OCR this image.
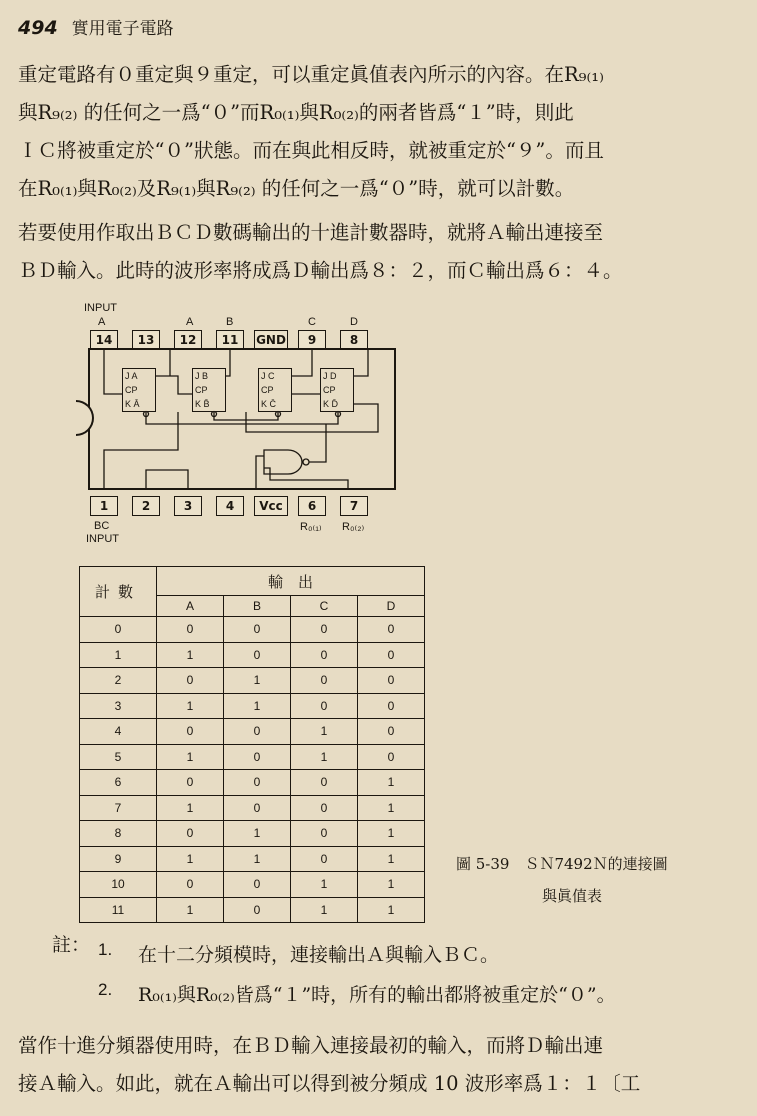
494 實用電子電路

重定電路有０重定與９重定，可以重定眞值表內所示的內容。在R₉₍₁₎
與R₉₍₂₎ 的任何之一爲“０”而R₀₍₁₎與R₀₍₂₎的兩者皆爲“１”時，則此
ＩＣ將被重定於“０”狀態。而在與此相反時，就被重定於“９”。而且
在R₀₍₁₎與R₀₍₂₎及R₉₍₁₎與R₉₍₂₎ 的任何之一爲“０”時，就可以計數。

若要使用作取出ＢＣＤ數碼輸出的十進計數器時，就將Ａ輸出連接至
ＢＤ輸入。此時的波形率將成爲Ｄ輸出爲８：２，而Ｃ輸出爲６：４。

INPUT
A	A	B	C	D
14	13	12	11	GND	9	8
J A
CP
K Ā
J B
CP
K B̄
J C
CP
K C̄
J D
CP
K D̄
1	2	3	4	Vcc	6	7
BC
INPUT
R₀₍₁₎ R₀₍₂₎
計數	輸　出			
	A	B	C	D
0	0	0	0	0
1	1	0	0	0
2	0	1	0	0
3	1	1	0	0
4	0	0	1	0
5	1	0	1	0
6	0	0	0	1
7	1	0	0	1
8	0	1	0	1
9	1	1	0	1
10	0	0	1	1
11	1	0	1	1
圖 5-39　ＳＮ7492Ｎ的連接圖
與眞值表
註： 1. 在十二分頻模時，連接輸出Ａ與輸入ＢＣ。
2. R₀₍₁₎與R₀₍₂₎皆爲“１”時，所有的輸出都將被重定於“０”。

當作十進分頻器使用時，在ＢＤ輸入連接最初的輸入，而將Ｄ輸出連
接Ａ輸入。如此，就在Ａ輸出可以得到被分頻成 10 波形率爲１：１〔工
